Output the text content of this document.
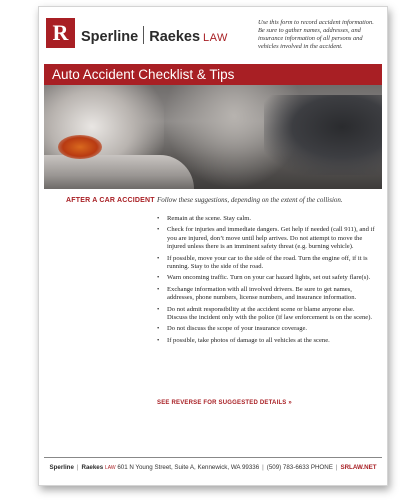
R Sperline Raekes LAW
Use this form to record accident information. Be sure to gather names, addresses, and insurance information of all persons and vehicles involved in the accident.
Auto Accident Checklist & Tips
AFTER A CAR ACCIDENT Follow these suggestions, depending on the extent of the collision.
• Remain at the scene. Stay calm.
• Check for injuries and immediate dangers. Get help if needed (call 911), and if you are injured, don’t move until help arrives. Do not attempt to move the injured unless there is an imminent safety threat (e.g. burning vehicle).
• If possible, move your car to the side of the road. Turn the engine off, if it is running. Stay to the side of the road.
• Warn oncoming traffic. Turn on your car hazard lights, set out safety flare(s).
• Exchange information with all involved drivers. Be sure to get names, addresses, phone numbers, license numbers, and insurance information.
• Do not admit responsibility at the accident scene or blame anyone else. Discuss the incident only with the police (if law enforcement is on the scene).
• Do not discuss the scope of your insurance coverage.
• If possible, take photos of damage to all vehicles at the scene.
SEE REVERSE FOR SUGGESTED DETAILS »
Sperline | Raekes LAW 601 N Young Street, Suite A, Kennewick, WA 99336 | (509) 783-6633 PHONE | SRLAW.NET
